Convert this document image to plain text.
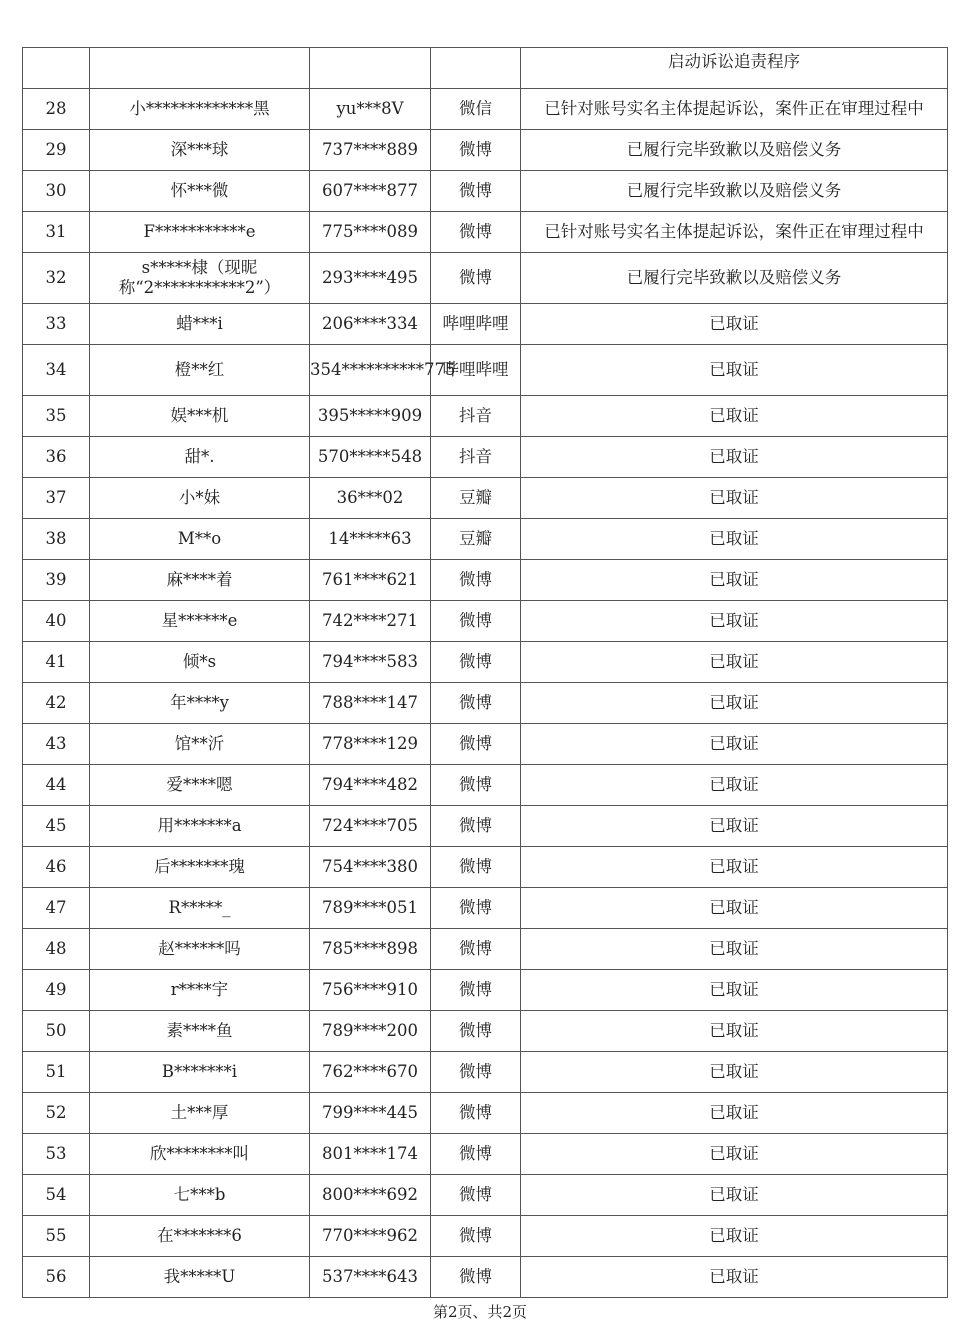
				启动诉讼追责程序
28	小*************黑	yu***8V	微信	已针对账号实名主体提起诉讼，案件正在审理过程中
29	深***球	737****889	微博	已履行完毕致歉以及赔偿义务
30	怀***微	607****877	微博	已履行完毕致歉以及赔偿义务
31	F***********e	775****089	微博	已针对账号实名主体提起诉讼，案件正在审理过程中
32	s*****棣（现昵称“2***********2”）	293****495	微博	已履行完毕致歉以及赔偿义务
33	蜡***i	206****334	哔哩哔哩	已取证
34	橙**红	354**********775	哔哩哔哩	已取证
35	娱***机	395*****909	抖音	已取证
36	甜*.	570*****548	抖音	已取证
37	小*妹	36***02	豆瓣	已取证
38	M**o	14*****63	豆瓣	已取证
39	麻****着	761****621	微博	已取证
40	星******e	742****271	微博	已取证
41	倾*s	794****583	微博	已取证
42	年****y	788****147	微博	已取证
43	馆**沂	778****129	微博	已取证
44	爱****嗯	794****482	微博	已取证
45	用*******a	724****705	微博	已取证
46	后*******瑰	754****380	微博	已取证
47	R*****_	789****051	微博	已取证
48	赵******吗	785****898	微博	已取证
49	r****宇	756****910	微博	已取证
50	素****鱼	789****200	微博	已取证
51	B*******i	762****670	微博	已取证
52	土***厚	799****445	微博	已取证
53	欣********叫	801****174	微博	已取证
54	七***b	800****692	微博	已取证
55	在*******6	770****962	微博	已取证
56	我*****U	537****643	微博	已取证
第2页、共2页
